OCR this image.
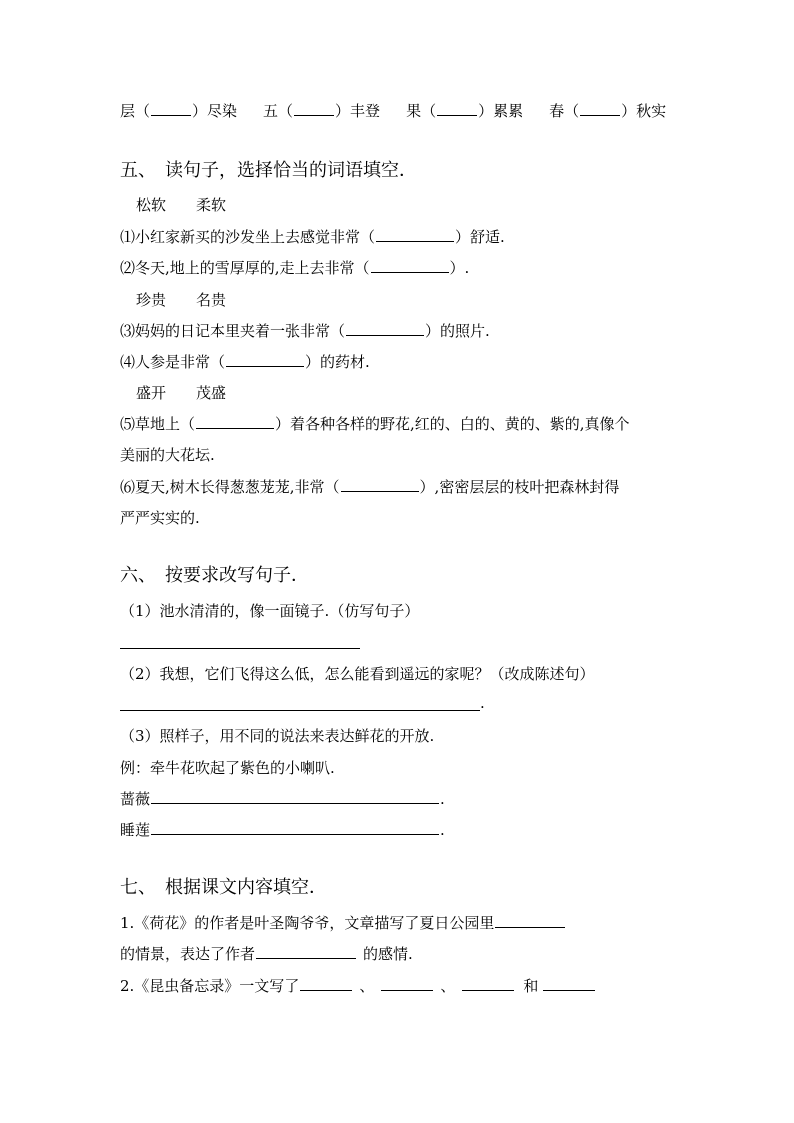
层（	）尽染 五（	）丰登 果（	）累累 春（	）秋实
五、　读句子，选择恰当的词语填空．
松软 柔软
⑴小红家新买的沙发坐上去感觉非常（	）舒适.
⑵冬天,地上的雪厚厚的,走上去非常（	）.
珍贵 名贵
⑶妈妈的日记本里夹着一张非常（	）的照片.
⑷人参是非常（	）的药材.
盛开 茂盛
⑸草地上（	）着各种各样的野花,红的、白的、黄的、紫的,真像个
美丽的大花坛.
⑹夏天,树木长得葱葱茏茏,非常（	）,密密层层的枝叶把森林封得
严严实实的.
六、　按要求改写句子．
（1）池水清清的，像一面镜子.（仿写句子）
（2）我想，它们飞得这么低，怎么能看到遥远的家呢？（改成陈述句）
.
（3）照样子，用不同的说法来表达鲜花的开放.
例：牵牛花吹起了紫色的小喇叭.
蔷薇	.
睡莲	.
七、　根据课文内容填空．
1.《荷花》的作者是叶圣陶爷爷，文章描写了夏日公园里
的情景，表达了作者	的感情.
2.《昆虫备忘录》一文写了	、	、	和
